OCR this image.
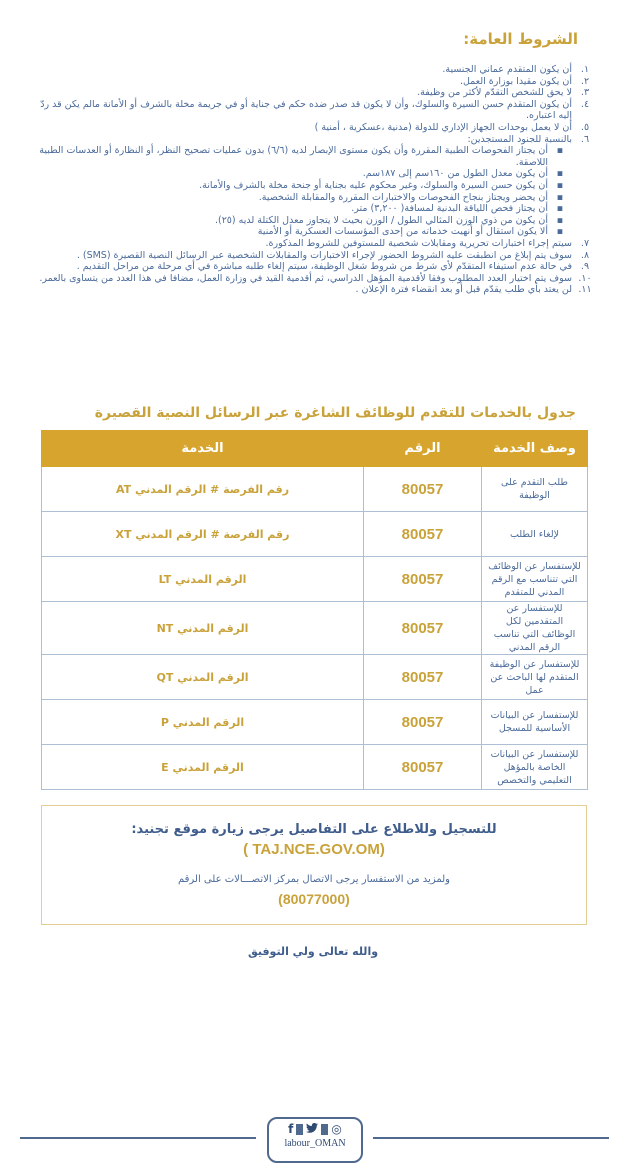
الشروط العامة:
١.
أن يكون المتقدم عماني الجنسية.
٢.
أن يكون مقيدا بوزارة العمل.
٣.
لا يحق للشخص التقدّم لأكثر من وظيفة.
٤.
أن يكون المتقدم حسن السيرة والسلوك، وأن لا يكون قد صدر ضده حكم في جناية أو في جريمة مخلة بالشرف أو الأمانة مالم يكن قد ردّ إليه اعتباره.
٥.
أن لا يعمل بوحدات الجهاز الإداري للدولة (مدنية ،عسكرية ، أمنية )
٦.
بالنسبة للجنود المستجدين:
▪
أن يجتاز الفحوصات الطبية المقررة وأن يكون مستوى الإبصار لديه (٦/٦) بدون عمليات تصحيح النظر، أو النظارة أو العدسات الطبية اللاصقة.
▪
أن يكون معدل الطول من ١٦٠سم إلى ١٨٧سم.
▪
أن يكون حسن السيرة والسلوك، وغير محكوم عليه بجناية أو جنحة مخلة بالشرف والأمانة.
▪
أن يحضر ويجتاز بنجاح الفحوصات والاختبارات المقررة والمقابلة الشخصية.
▪
أن يجتاز فحص اللياقة البدنية لمسافة( ٣,٢٠٠) متر.
▪
أن يكون من ذوي الوزن المثالي الطول / الوزن بحيث لا يتجاوز معدل الكتلة لديه (٢٥).
▪
ألا يكون استقال أو أنهيت خدماته من إحدى المؤسسات العسكرية أو الأمنية
٧.
سيتم إجراء اختبارات تحريرية ومقابلات شخصية للمستوفين للشروط المذكورة.
٨.
سوف يتم إبلاغ من انطبقت عليه الشروط الحضور لإجراء الاختبارات والمقابلات الشخصية عبر الرسائل النصية القصيرة (SMS) .
٩.
في حالة عدم استيفاء المتقدّم لأي شرط من شروط شغل الوظيفة، سيتم إلغاء طلبه مباشرة في أي مرحلة من مراحل التقديم .
١٠.
سوف يتم اختيار العدد المطلوب وفقا لأقدمية المؤهل الدراسي، ثم أقدمية القيد في وزارة العمل، مضافا في هذا العدد من يتساوى بالعمر.
١١.
لن يعتد بأي طلب يقدّم قبل أو بعد انقضاء فترة الإعلان .
جدول بالخدمات للتقدم للوظائف الشاغرة عبر الرسائل النصية القصيرة
وصف الخدمة	الرقم	الخدمة
طلب التقدم على الوظيفة	80057	رقم الفرصة # الرقم المدني AT
لإلغاء الطلب	80057	رقم الفرصة # الرقم المدني XT
للإستفسار عن الوظائف التي تتناسب مع الرقم المدني للمتقدم	80057	الرقم المدني LT
للإستفسار عن المتقدمين لكل الوظائف التي تناسب الرقم المدني	80057	الرقم المدني NT
للإستفسار عن الوظيفة المتقدم لها الباحث عن عمل	80057	الرقم المدني QT
للإستفسار عن البيانات الأساسية للمسجل	80057	الرقم المدني P
للإستفسار عن البيانات الخاصة بالمؤهل التعليمي والتخصص	80057	الرقم المدني E
للتسجيل وللاطلاع على التفاصيل يرجى زيارة موقع تجنيد:
(TAJ.NCE.GOV.OM )
ولمزيد من الاستفسار يرجى الاتصال بمركز الاتصـــالات على الرقم
(80077000)
والله تعالى ولي التوفيق
f	◎
labour_OMAN
